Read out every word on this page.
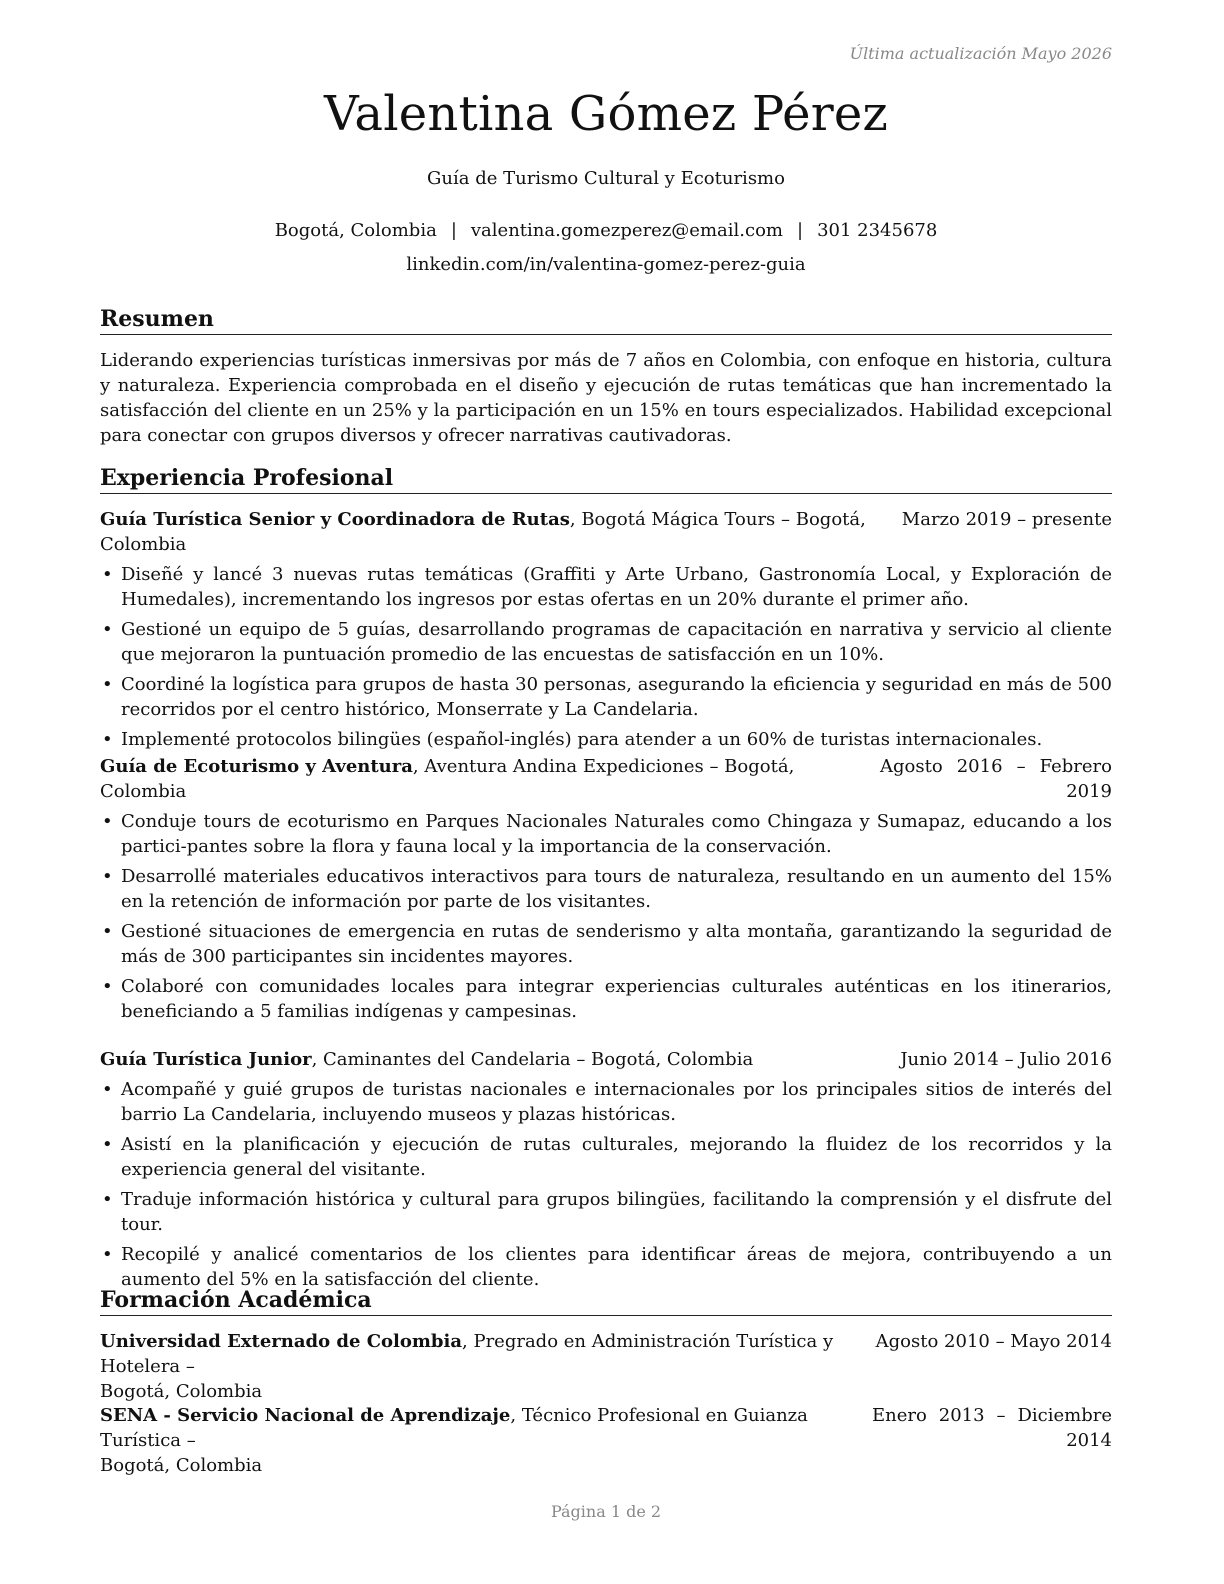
Última actualización Mayo 2026
Valentina Gómez Pérez
Guía de Turismo Cultural y Ecoturismo
Bogotá, Colombia | valentina.gomezperez@email.com | 301 2345678
linkedin.com/in/valentina-gomez-perez-guia
Resumen
Liderando experiencias turísticas inmersivas por más de 7 años en Colombia, con enfoque en historia, cultura y naturaleza. Experiencia comprobada en el diseño y ejecución de rutas temáticas que han incrementado la satisfacción del cliente en un 25% y la participación en un 15% en tours especializados. Habilidad excepcional para conectar con grupos diversos y ofrecer narrativas cautivadoras.
Experiencia Profesional
Guía Turística Senior y Coordinadora de Rutas, Bogotá Mágica Tours – Bogotá, Colombia
Marzo 2019 – presente
• Diseñé y lancé 3 nuevas rutas temáticas (Graffiti y Arte Urbano, Gastronomía Local, y Exploración de Humedales), incrementando los ingresos por estas ofertas en un 20% durante el primer año.
• Gestioné un equipo de 5 guías, desarrollando programas de capacitación en narrativa y servicio al cliente que mejoraron la puntuación promedio de las encuestas de satisfacción en un 10%.
• Coordiné la logística para grupos de hasta 30 personas, asegurando la eficiencia y seguridad en más de 500 recorridos por el centro histórico, Monserrate y La Candelaria.
• Implementé protocolos bilingües (español-inglés) para atender a un 60% de turistas internacionales.
Guía de Ecoturismo y Aventura, Aventura Andina Expediciones – Bogotá, Colombia
Agosto 2016 – Febrero 2019
• Conduje tours de ecoturismo en Parques Nacionales Naturales como Chingaza y Sumapaz, educando a los partici-pantes sobre la flora y fauna local y la importancia de la conservación.
• Desarrollé materiales educativos interactivos para tours de naturaleza, resultando en un aumento del 15% en la retención de información por parte de los visitantes.
• Gestioné situaciones de emergencia en rutas de senderismo y alta montaña, garantizando la seguridad de más de 300 participantes sin incidentes mayores.
• Colaboré con comunidades locales para integrar experiencias culturales auténticas en los itinerarios, beneficiando a 5 familias indígenas y campesinas.
Guía Turística Junior, Caminantes del Candelaria – Bogotá, Colombia	Junio 2014 – Julio 2016
• Acompañé y guié grupos de turistas nacionales e internacionales por los principales sitios de interés del barrio La Candelaria, incluyendo museos y plazas históricas.
• Asistí en la planificación y ejecución de rutas culturales, mejorando la fluidez de los recorridos y la experiencia general del visitante.
• Traduje información histórica y cultural para grupos bilingües, facilitando la comprensión y el disfrute del tour.
• Recopilé y analicé comentarios de los clientes para identificar áreas de mejora, contribuyendo a un aumento del 5% en la satisfacción del cliente.
Formación Académica
Universidad Externado de Colombia, Pregrado en Administración Turística y Hotelera –
Agosto 2010 – Mayo 2014
Bogotá, Colombia
SENA - Servicio Nacional de Aprendizaje, Técnico Profesional en Guianza Turística –
Bogotá, Colombia
Enero 2013 – Diciembre 2014
Página 1 de 2
